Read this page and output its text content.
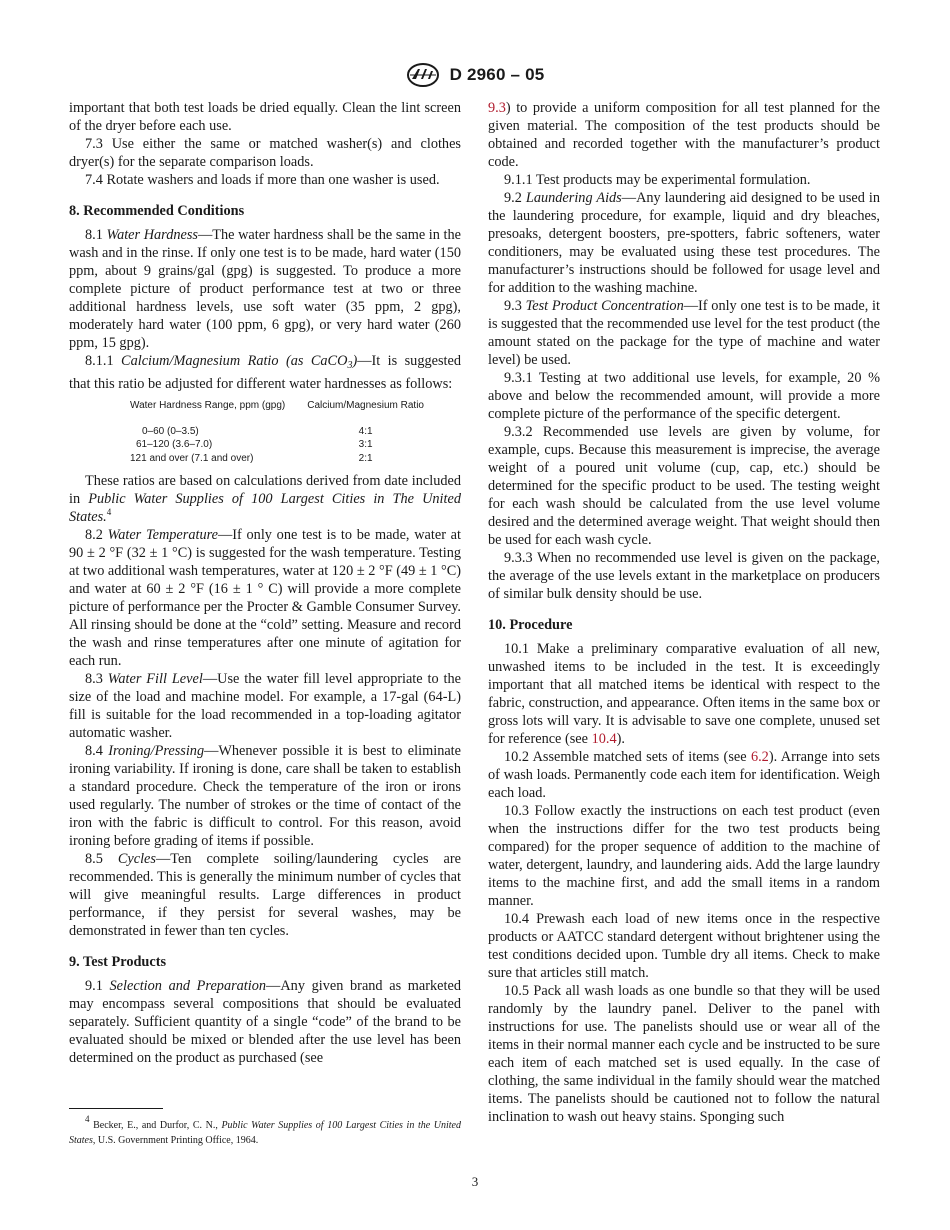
D 2960 – 05

important that both test loads be dried equally. Clean the lint screen of the dryer before each use.

7.3 Use either the same or matched washer(s) and clothes dryer(s) for the separate comparison loads.

7.4 Rotate washers and loads if more than one washer is used.

8. Recommended Conditions

8.1 Water Hardness—The water hardness shall be the same in the wash and in the rinse. If only one test is to be made, hard water (150 ppm, about 9 grains/gal (gpg) is suggested. To produce a more complete picture of product performance test at two or three additional hardness levels, use soft water (35 ppm, 2 gpg), moderately hard water (100 ppm, 6 gpg), or very hard water (260 ppm, 15 gpg).

8.1.1 Calcium/Magnesium Ratio (as CaCO$_3$)—It is suggested that this ratio be adjusted for different water hardnesses as follows:

Water Hardness Range, ppm (gpg)	Calcium/Magnesium Ratio
0–60 (0–3.5)	4:1
61–120 (3.6–7.0)	3:1
121 and over (7.1 and over)	2:1

These ratios are based on calculations derived from date included in Public Water Supplies of 100 Largest Cities in The United States.$^4$

8.2 Water Temperature—If only one test is to be made, water at 90 ± 2 °F (32 ± 1 °C) is suggested for the wash temperature. Testing at two additional wash temperatures, water at 120 ± 2 °F (49 ± 1 °C) and water at 60 ± 2 °F (16 ± 1 ° C) will provide a more complete picture of performance per the Procter & Gamble Consumer Survey. All rinsing should be done at the “cold” setting. Measure and record the wash and rinse temperatures after one minute of agitation for each run.

8.3 Water Fill Level—Use the water fill level appropriate to the size of the load and machine model. For example, a 17-gal (64-L) fill is suitable for the load recommended in a top-loading agitator automatic washer.

8.4 Ironing/Pressing—Whenever possible it is best to eliminate ironing variability. If ironing is done, care shall be taken to establish a standard procedure. Check the temperature of the iron or irons used regularly. The number of strokes or the time of contact of the iron with the fabric is difficult to control. For this reason, avoid ironing before grading of items if possible.

8.5 Cycles—Ten complete soiling/laundering cycles are recommended. This is generally the minimum number of cycles that will give meaningful results. Large differences in product performance, if they persist for several washes, may be demonstrated in fewer than ten cycles.

9. Test Products

9.1 Selection and Preparation—Any given brand as marketed may encompass several compositions that should be evaluated separately. Sufficient quantity of a single “code” of the brand to be evaluated should be mixed or blended after the use level has been determined on the product as purchased (see

9.3) to provide a uniform composition for all test planned for the given material. The composition of the test products should be obtained and recorded together with the manufacturer’s product code.

9.1.1 Test products may be experimental formulation.

9.2 Laundering Aids—Any laundering aid designed to be used in the laundering procedure, for example, liquid and dry bleaches, presoaks, detergent boosters, pre-spotters, fabric softeners, water conditioners, may be evaluated using these test procedures. The manufacturer’s instructions should be followed for usage level and for addition to the washing machine.

9.3 Test Product Concentration—If only one test is to be made, it is suggested that the recommended use level for the test product (the amount stated on the package for the type of machine and water level) be used.

9.3.1 Testing at two additional use levels, for example, 20 % above and below the recommended amount, will provide a more complete picture of the performance of the specific detergent.

9.3.2 Recommended use levels are given by volume, for example, cups. Because this measurement is imprecise, the average weight of a poured unit volume (cup, cap, etc.) should be determined for the specific product to be used. The testing weight for each wash should be calculated from the use level volume desired and the determined average weight. That weight should then be used for each wash cycle.

9.3.3 When no recommended use level is given on the package, the average of the use levels extant in the marketplace on producers of similar bulk density should be use.

10. Procedure

10.1 Make a preliminary comparative evaluation of all new, unwashed items to be included in the test. It is exceedingly important that all matched items be identical with respect to the fabric, construction, and appearance. Often items in the same box or gross lots will vary. It is advisable to save one complete, unused set for reference (see 10.4).

10.2 Assemble matched sets of items (see 6.2). Arrange into sets of wash loads. Permanently code each item for identification. Weigh each load.

10.3 Follow exactly the instructions on each test product (even when the instructions differ for the two test products being compared) for the proper sequence of addition to the machine of water, detergent, laundry, and laundering aids. Add the large laundry items to the machine first, and add the small items in a random manner.

10.4 Prewash each load of new items once in the respective products or AATCC standard detergent without brightener using the test conditions decided upon. Tumble dry all items. Check to make sure that articles still match.

10.5 Pack all wash loads as one bundle so that they will be used randomly by the laundry panel. Deliver to the panel with instructions for use. The panelists should use or wear all of the items in their normal manner each cycle and be instructed to be sure each item of each matched set is used equally. In the case of clothing, the same individual in the family should wear the matched items. The panelists should be cautioned not to follow the natural inclination to wash out heavy stains. Sponging such

4 Becker, E., and Durfor, C. N., Public Water Supplies of 100 Largest Cities in the United States, U.S. Government Printing Office, 1964.
3
